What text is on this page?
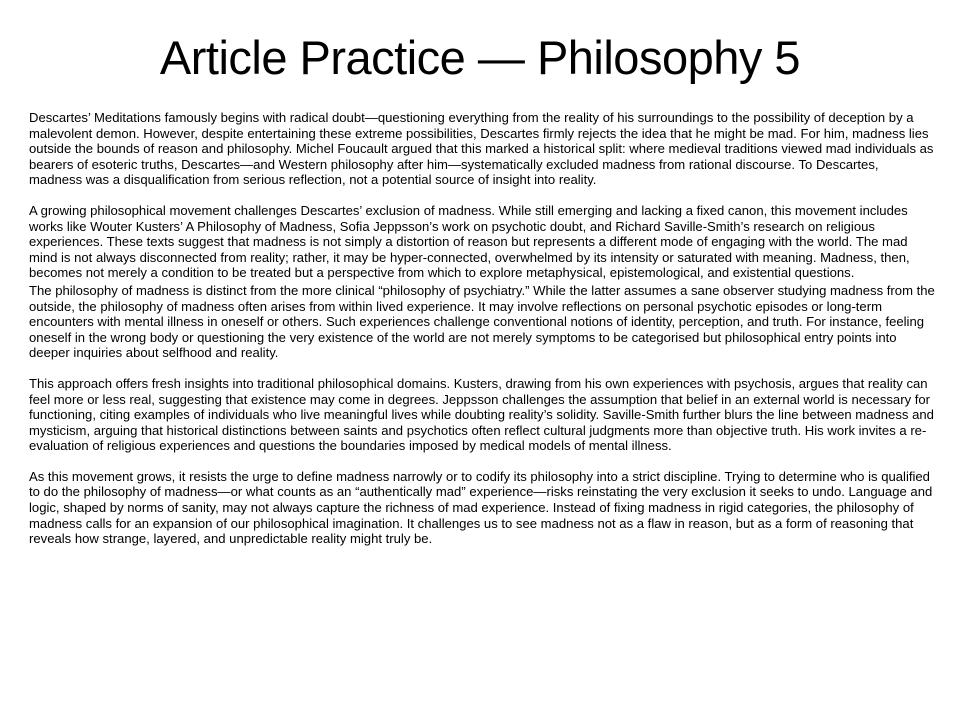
Article Practice — Philosophy 5

Descartes’ Meditations famously begins with radical doubt—questioning everything from the reality of his surroundings to the possibility of deception by a malevolent demon. However, despite entertaining these extreme possibilities, Descartes firmly rejects the idea that he might be mad. For him, madness lies outside the bounds of reason and philosophy. Michel Foucault argued that this marked a historical split: where medieval traditions viewed mad individuals as bearers of esoteric truths, Descartes—and Western philosophy after him—systematically excluded madness from rational discourse. To Descartes, madness was a disqualification from serious reflection, not a potential source of insight into reality.

A growing philosophical movement challenges Descartes’ exclusion of madness. While still emerging and lacking a fixed canon, this movement includes works like Wouter Kusters’ A Philosophy of Madness, Sofia Jeppsson’s work on psychotic doubt, and Richard Saville-Smith’s research on religious experiences. These texts suggest that madness is not simply a distortion of reason but represents a different mode of engaging with the world. The mad mind is not always disconnected from reality; rather, it may be hyper-connected, overwhelmed by its intensity or saturated with meaning. Madness, then, becomes not merely a condition to be treated but a perspective from which to explore metaphysical, epistemological, and existential questions.

The philosophy of madness is distinct from the more clinical “philosophy of psychiatry.” While the latter assumes a sane observer studying madness from the outside, the philosophy of madness often arises from within lived experience. It may involve reflections on personal psychotic episodes or long-term encounters with mental illness in oneself or others. Such experiences challenge conventional notions of identity, perception, and truth. For instance, feeling oneself in the wrong body or questioning the very existence of the world are not merely symptoms to be categorised but philosophical entry points into deeper inquiries about selfhood and reality.

This approach offers fresh insights into traditional philosophical domains. Kusters, drawing from his own experiences with psychosis, argues that reality can feel more or less real, suggesting that existence may come in degrees. Jeppsson challenges the assumption that belief in an external world is necessary for functioning, citing examples of individuals who live meaningful lives while doubting reality’s solidity. Saville-Smith further blurs the line between madness and mysticism, arguing that historical distinctions between saints and psychotics often reflect cultural judgments more than objective truth. His work invites a re-evaluation of religious experiences and questions the boundaries imposed by medical models of mental illness.

As this movement grows, it resists the urge to define madness narrowly or to codify its philosophy into a strict discipline. Trying to determine who is qualified to do the philosophy of madness—or what counts as an “authentically mad” experience—risks reinstating the very exclusion it seeks to undo. Language and logic, shaped by norms of sanity, may not always capture the richness of mad experience. Instead of fixing madness in rigid categories, the philosophy of madness calls for an expansion of our philosophical imagination. It challenges us to see madness not as a flaw in reason, but as a form of reasoning that reveals how strange, layered, and unpredictable reality might truly be.
